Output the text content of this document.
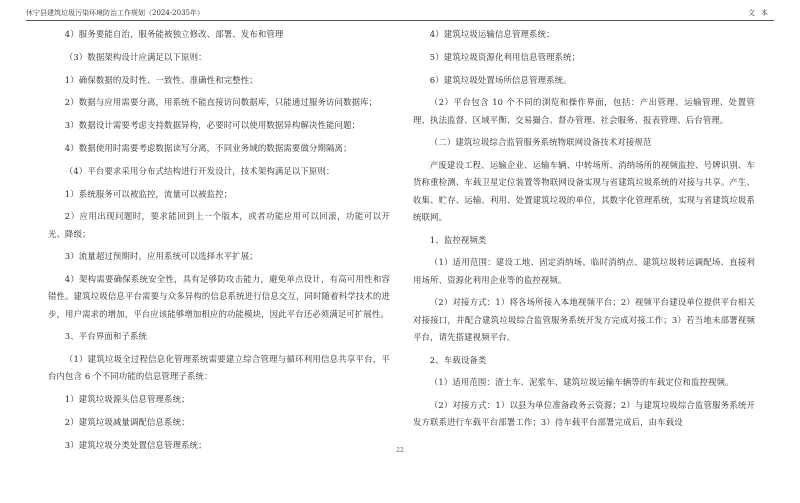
休宁县建筑垃圾污染环境防治工作规划（2024-2035年）	文本

4）服务要能自治，服务能被独立修改、部署、发布和管理

（3）数据架构设计应满足以下原则：

1）确保数据的及时性、一致性、准确性和完整性；

2）数据与应用需要分离，用系统不能直接访问数据库，只能通过服务访问数据库；

3）数据设计需要考虑支持数据异构，必要时可以使用数据异构解决性能问题；

4）数据使用时需要考虑数据读写分离，不同业务域的数据需要做分期隔离；

（4）平台要求采用分布式结构进行开发设计，技术架构满足以下原则：

1）系统服务可以被监控，流量可以被监控；

2）应用出现问题时，要求能回到上一个版本，或者功能应用可以回滚，功能可以开光、降级；

3）流量超过预期时，应用系统可以选择水平扩展；

4）架构需要确保系统安全性，具有足够防攻击能力，避免单点设计，有高可用性和容错性。建筑垃圾信息平台需要与众多异构的信息系统进行信息交互，同时随着科学技术的进步，用户需求的增加，平台应该能够增加相应的功能模块，因此平台还必须满足可扩展性。

3、平台界面和子系统

（1）建筑垃圾全过程信息化管理系统需要建立综合管理与循环利用信息共享平台，平台内包含 6 个不同功能的信息管理子系统：

1）建筑垃圾源头信息管理系统；

2）建筑垃圾减量调配信息系统；

3）建筑垃圾分类处置信息管理系统；

4）建筑垃圾运输信息管理系统；

5）建筑垃圾资源化利用信息管理系统；

6）建筑垃圾处置场所信息管理系统。

（2）平台包含 10 个不同的浏览和操作界面，包括：产出管理、运输管理、处置管理、执法监督、区域平衡、交易撮合、督办管理、社会服务、报表管理、后台管理。

（二）建筑垃圾综合监管服务系统物联网设备技术对接规范

产废建设工程、运输企业、运输车辆、中转场所、消纳场所的视频监控、号牌识别、车货称重检测、车载卫星定位装置等物联网设备实现与省建筑垃圾系统的对接与共享。产生、收集、贮存、运输、利用、处置建筑垃圾的单位，其数字化管理系统，实现与省建筑垃圾系统联网。

1、监控视频类

（1）适用范围：建设工地、固定消纳场、临时消纳点、建筑垃圾转运调配场、直接利用场所、资源化利用企业等的监控视频。

（2）对接方式：1）将各场所接入本地视频平台；2）视频平台建设单位提供平台相关对接接口，并配合建筑垃圾综合监管服务系统开发方完成对接工作；3）若当地未部署视频平台，请先搭建视频平台。

2、车载设备类

（1）适用范围：渣土车、泥浆车、建筑垃圾运输车辆等的车载定位和监控视频。

（2）对接方式：1）以县为单位准备政务云资源；2）与建筑垃圾综合监管服务系统开发方联系进行车载平台部署工作；3）待车载平台部署完成后，由车载设

22
